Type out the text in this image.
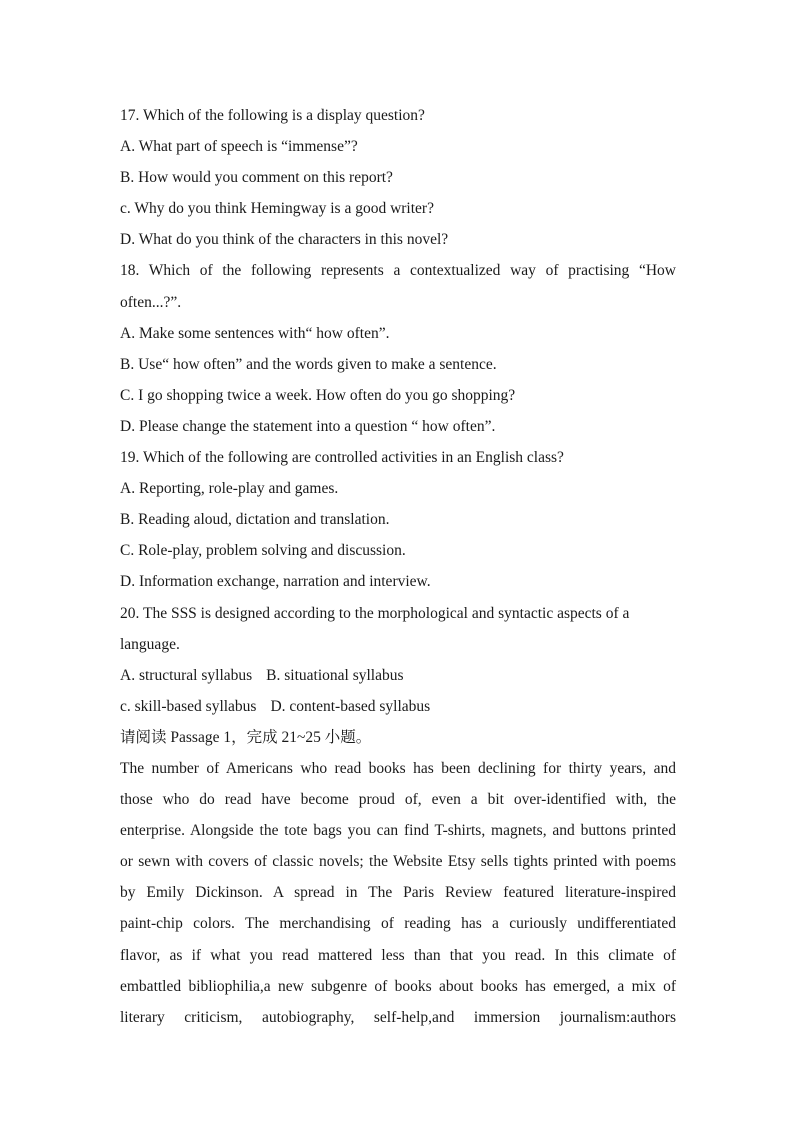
17. Which of the following is a display question?
A. What part of speech is “immense”?
B. How would you comment on this report?
c. Why do you think Hemingway is a good writer?
D. What do you think of the characters in this novel?
18. Which of the following represents a contextualized way of practising “How
often...?”.
A. Make some sentences with“ how often”.
B. Use“ how often” and the words given to make a sentence.
C. I go shopping twice a week. How often do you go shopping?
D. Please change the statement into a question “ how often”.
19. Which of the following are controlled activities in an English class?
A. Reporting, role-play and games.
B. Reading aloud, dictation and translation.
C. Role-play, problem solving and discussion.
D. Information exchange, narration and interview.
20. The SSS is designed according to the morphological and syntactic aspects of a
language.
A. structural syllabus B. situational syllabus
c. skill-based syllabus D. content-based syllabus
请阅读 Passage 1，完成 21~25 小题。
The number of Americans who read books has been declining for thirty years, and
those who do read have become proud of, even a bit over-identified with, the
enterprise. Alongside the tote bags you can find T-shirts, magnets, and buttons printed
or sewn with covers of classic novels; the Website Etsy sells tights printed with poems
by Emily Dickinson. A spread in The Paris Review featured literature-inspired
paint-chip colors. The merchandising of reading has a curiously undifferentiated
flavor, as if what you read mattered less than that you read. In this climate of
embattled bibliophilia,a new subgenre of books about books has emerged, a mix of
literary criticism, autobiography, self-help,and immersion journalism:authors
